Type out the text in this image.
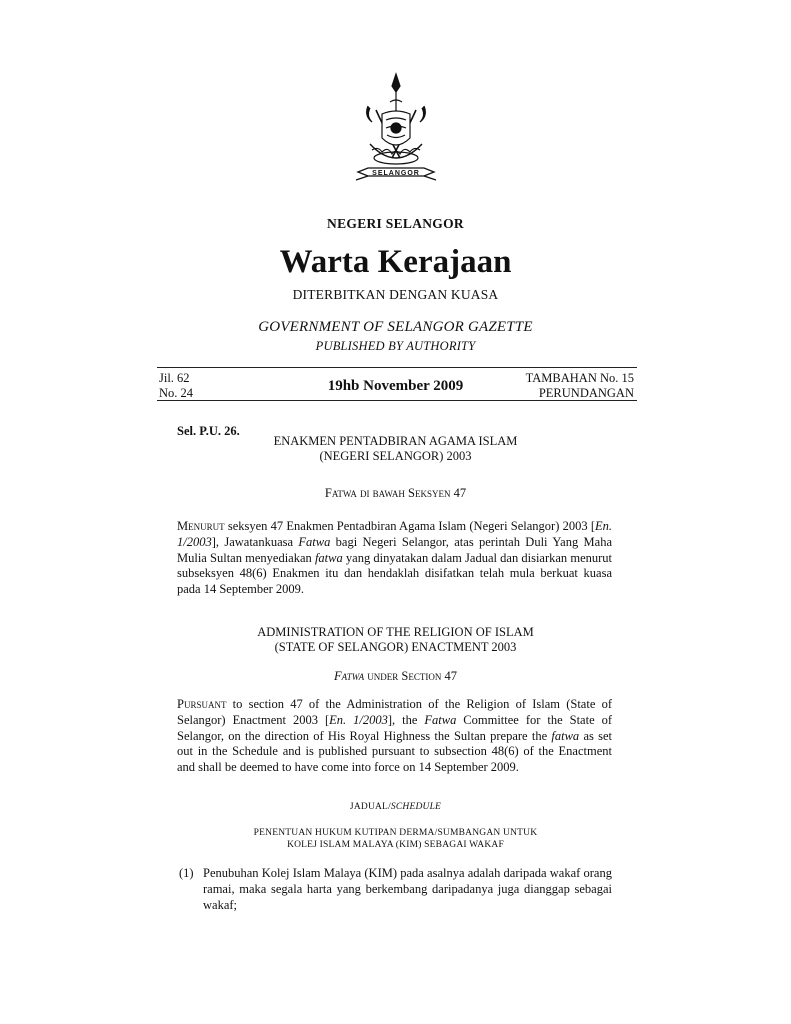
SELANGOR
NEGERI SELANGOR
Warta Kerajaan
DITERBITKAN DENGAN KUASA
GOVERNMENT OF SELANGOR GAZETTE
PUBLISHED BY AUTHORITY
Jil. 62
No. 24	19hb November 2009	TAMBAHAN No. 15
PERUNDANGAN
Sel. P.U. 26.
ENAKMEN PENTADBIRAN AGAMA ISLAM
(NEGERI SELANGOR) 2003
Fatwa di bawah Seksyen 47
Menurut seksyen 47 Enakmen Pentadbiran Agama Islam (Negeri Selangor) 2003 [En. 1/2003], Jawatankuasa Fatwa bagi Negeri Selangor, atas perintah Duli Yang Maha Mulia Sultan menyediakan fatwa yang dinyatakan dalam Jadual dan disiarkan menurut subseksyen 48(6) Enakmen itu dan hendaklah disifatkan telah mula berkuat kuasa pada 14 September 2009.
ADMINISTRATION OF THE RELIGION OF ISLAM
(STATE OF SELANGOR) ENACTMENT 2003
Fatwa under Section 47
Pursuant to section 47 of the Administration of the Religion of Islam (State of Selangor) Enactment 2003 [En. 1/2003], the Fatwa Committee for the State of Selangor, on the direction of His Royal Highness the Sultan prepare the fatwa as set out in the Schedule and is published pursuant to subsection 48(6) of the Enactment and shall be deemed to have come into force on 14 September 2009.
JADUAL/SCHEDULE
PENENTUAN HUKUM KUTIPAN DERMA/SUMBANGAN UNTUK
KOLEJ ISLAM MALAYA (KIM) SEBAGAI WAKAF
(1) Penubuhan Kolej Islam Malaya (KIM) pada asalnya adalah daripada wakaf orang ramai, maka segala harta yang berkembang daripadanya juga dianggap sebagai wakaf;
